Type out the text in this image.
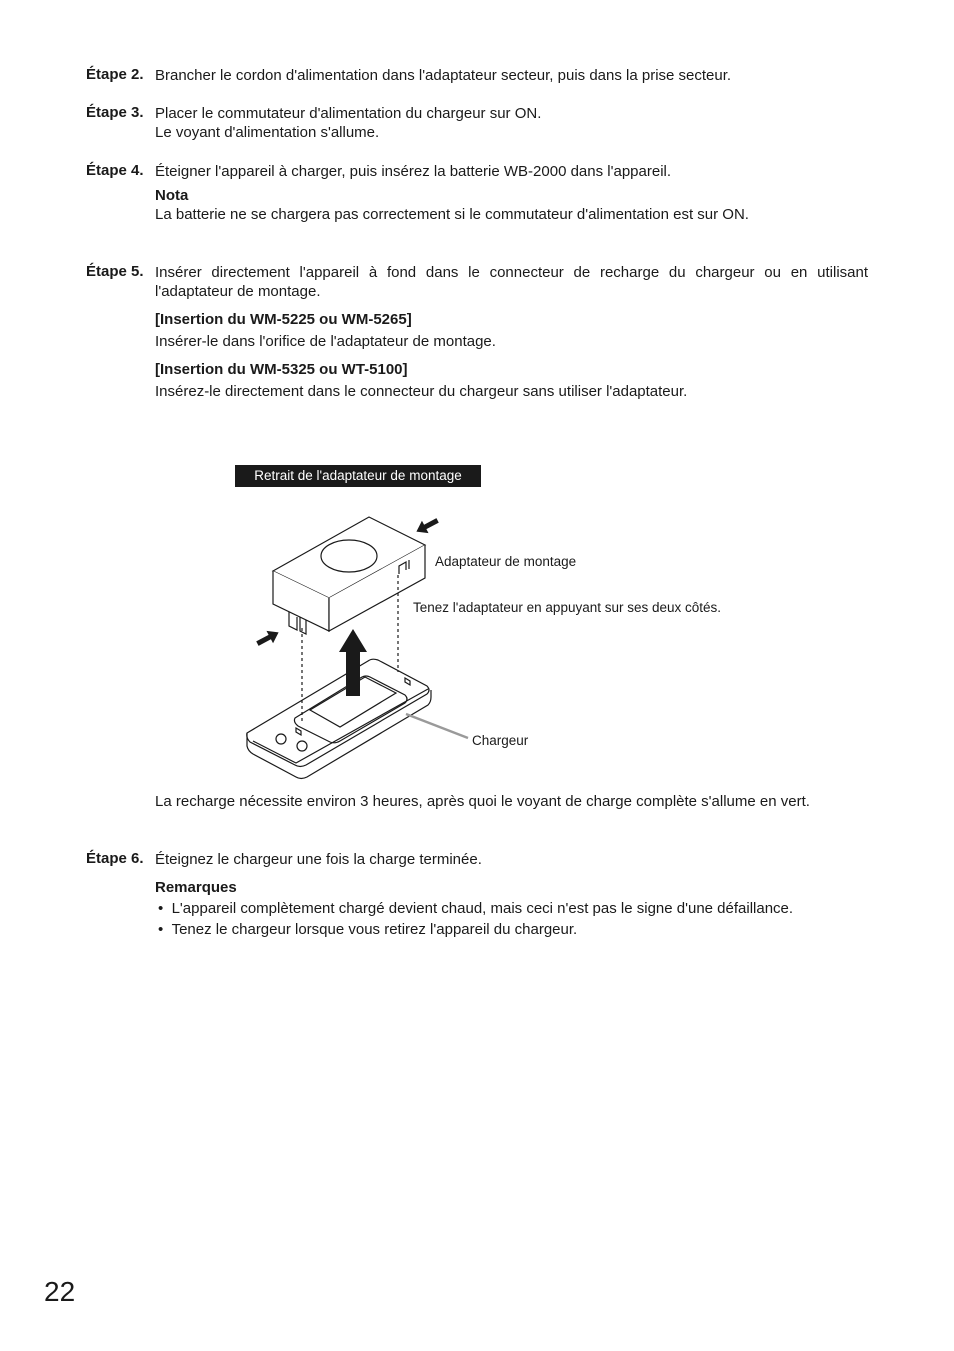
Étape 2. Brancher le cordon d'alimentation dans l'adaptateur secteur, puis dans la prise secteur.
Étape 3. Placer le commutateur d'alimentation du chargeur sur ON.
Le voyant d'alimentation s'allume.
Étape 4. Éteigner l'appareil à charger, puis insérez la batterie WB-2000 dans l'appareil.
Nota
La batterie ne se chargera pas correctement si le commutateur d'alimentation est sur ON.
Étape 5. Insérer directement l'appareil à fond dans le connecteur de recharge du chargeur ou en utilisant l'adaptateur de montage.
[Insertion du WM-5225 ou WM-5265]
Insérer-le dans l'orifice de l'adaptateur de montage.
[Insertion du WM-5325 ou WT-5100]
Insérez-le directement dans le connecteur du chargeur sans utiliser l'adaptateur.
Retrait de l'adaptateur de montage
Adaptateur de montage
Tenez l'adaptateur en appuyant sur ses deux côtés.
Chargeur
La recharge nécessite environ 3 heures, après quoi le voyant de charge complète s'allume en vert.
Étape 6. Éteignez le chargeur une fois la charge terminée.
Remarques
•  L'appareil complètement chargé devient chaud, mais ceci n'est pas le signe d'une défaillance.
•  Tenez le chargeur lorsque vous retirez l'appareil du chargeur.
22
